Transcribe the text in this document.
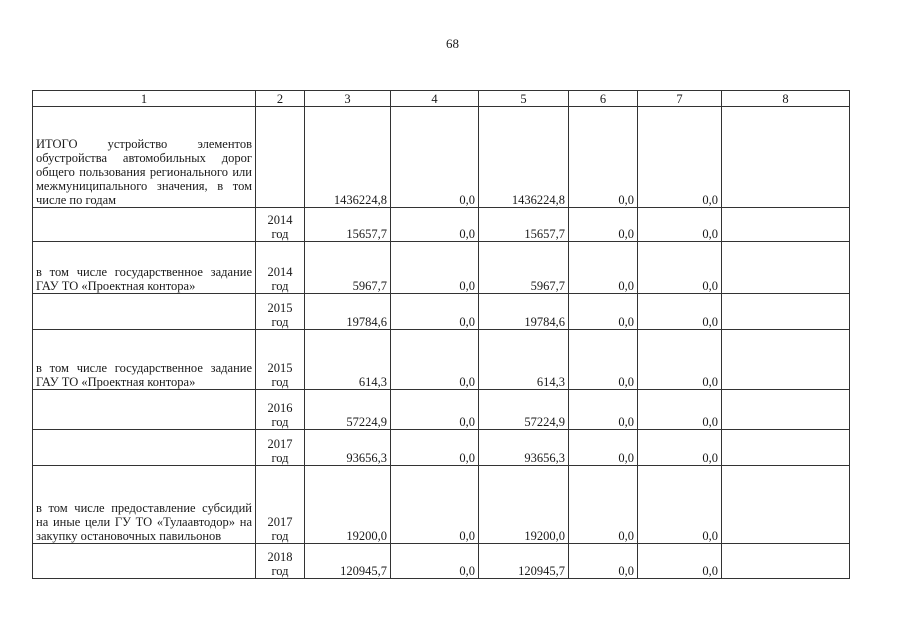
68
1	2	3	4	5	6	7	8

ИТОГО устройство элементов обустройства автомобильных дорог общего пользования регионального или межмуниципального значения, в том числе по годам		1436224,8	0,0	1436224,8	0,0	0,0	

	2014
год	15657,7	0,0	15657,7	0,0	0,0	

в том числе государственное задание ГАУ ТО «Проектная контора»	2014
год	5967,7	0,0	5967,7	0,0	0,0	

	2015
год	19784,6	0,0	19784,6	0,0	0,0	

в том числе государственное задание ГАУ ТО «Проектная контора»	2015
год	614,3	0,0	614,3	0,0	0,0	

	2016
год	57224,9	0,0	57224,9	0,0	0,0	

	2017
год	93656,3	0,0	93656,3	0,0	0,0	

в том числе предоставление субсидий на иные цели ГУ ТО «Тулаавтодор» на закупку остановочных павильонов	2017
год	19200,0	0,0	19200,0	0,0	0,0	

	2018
год	120945,7	0,0	120945,7	0,0	0,0	
